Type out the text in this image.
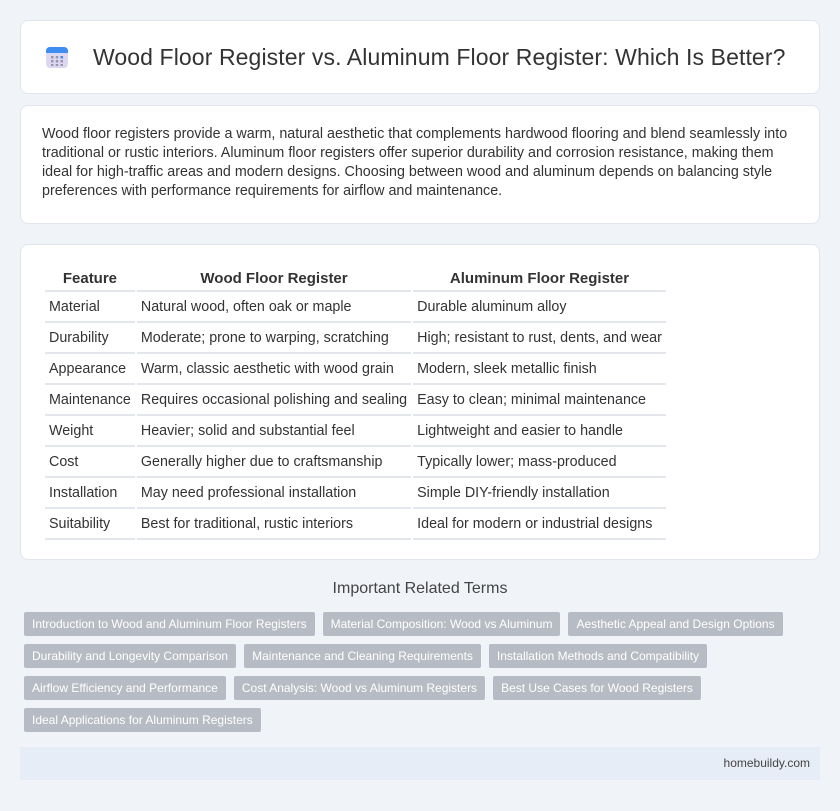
Wood Floor Register vs. Aluminum Floor Register: Which Is Better?

Wood floor registers provide a warm, natural aesthetic that complements hardwood flooring and blend seamlessly into traditional or rustic interiors. Aluminum floor registers offer superior durability and corrosion resistance, making them ideal for high-traffic areas and modern designs. Choosing between wood and aluminum depends on balancing style preferences with performance requirements for airflow and maintenance.

Feature	Wood Floor Register	Aluminum Floor Register
Material	Natural wood, often oak or maple	Durable aluminum alloy
Durability	Moderate; prone to warping, scratching	High; resistant to rust, dents, and wear
Appearance	Warm, classic aesthetic with wood grain	Modern, sleek metallic finish
Maintenance	Requires occasional polishing and sealing	Easy to clean; minimal maintenance
Weight	Heavier; solid and substantial feel	Lightweight and easier to handle
Cost	Generally higher due to craftsmanship	Typically lower; mass-produced
Installation	May need professional installation	Simple DIY-friendly installation
Suitability	Best for traditional, rustic interiors	Ideal for modern or industrial designs
Important Related Terms
Introduction to Wood and Aluminum Floor Registers	Material Composition: Wood vs Aluminum	Aesthetic Appeal and Design Options
Durability and Longevity Comparison	Maintenance and Cleaning Requirements	Installation Methods and Compatibility
Airflow Efficiency and Performance	Cost Analysis: Wood vs Aluminum Registers	Best Use Cases for Wood Registers
Ideal Applications for Aluminum Registers
homebuildy.com
